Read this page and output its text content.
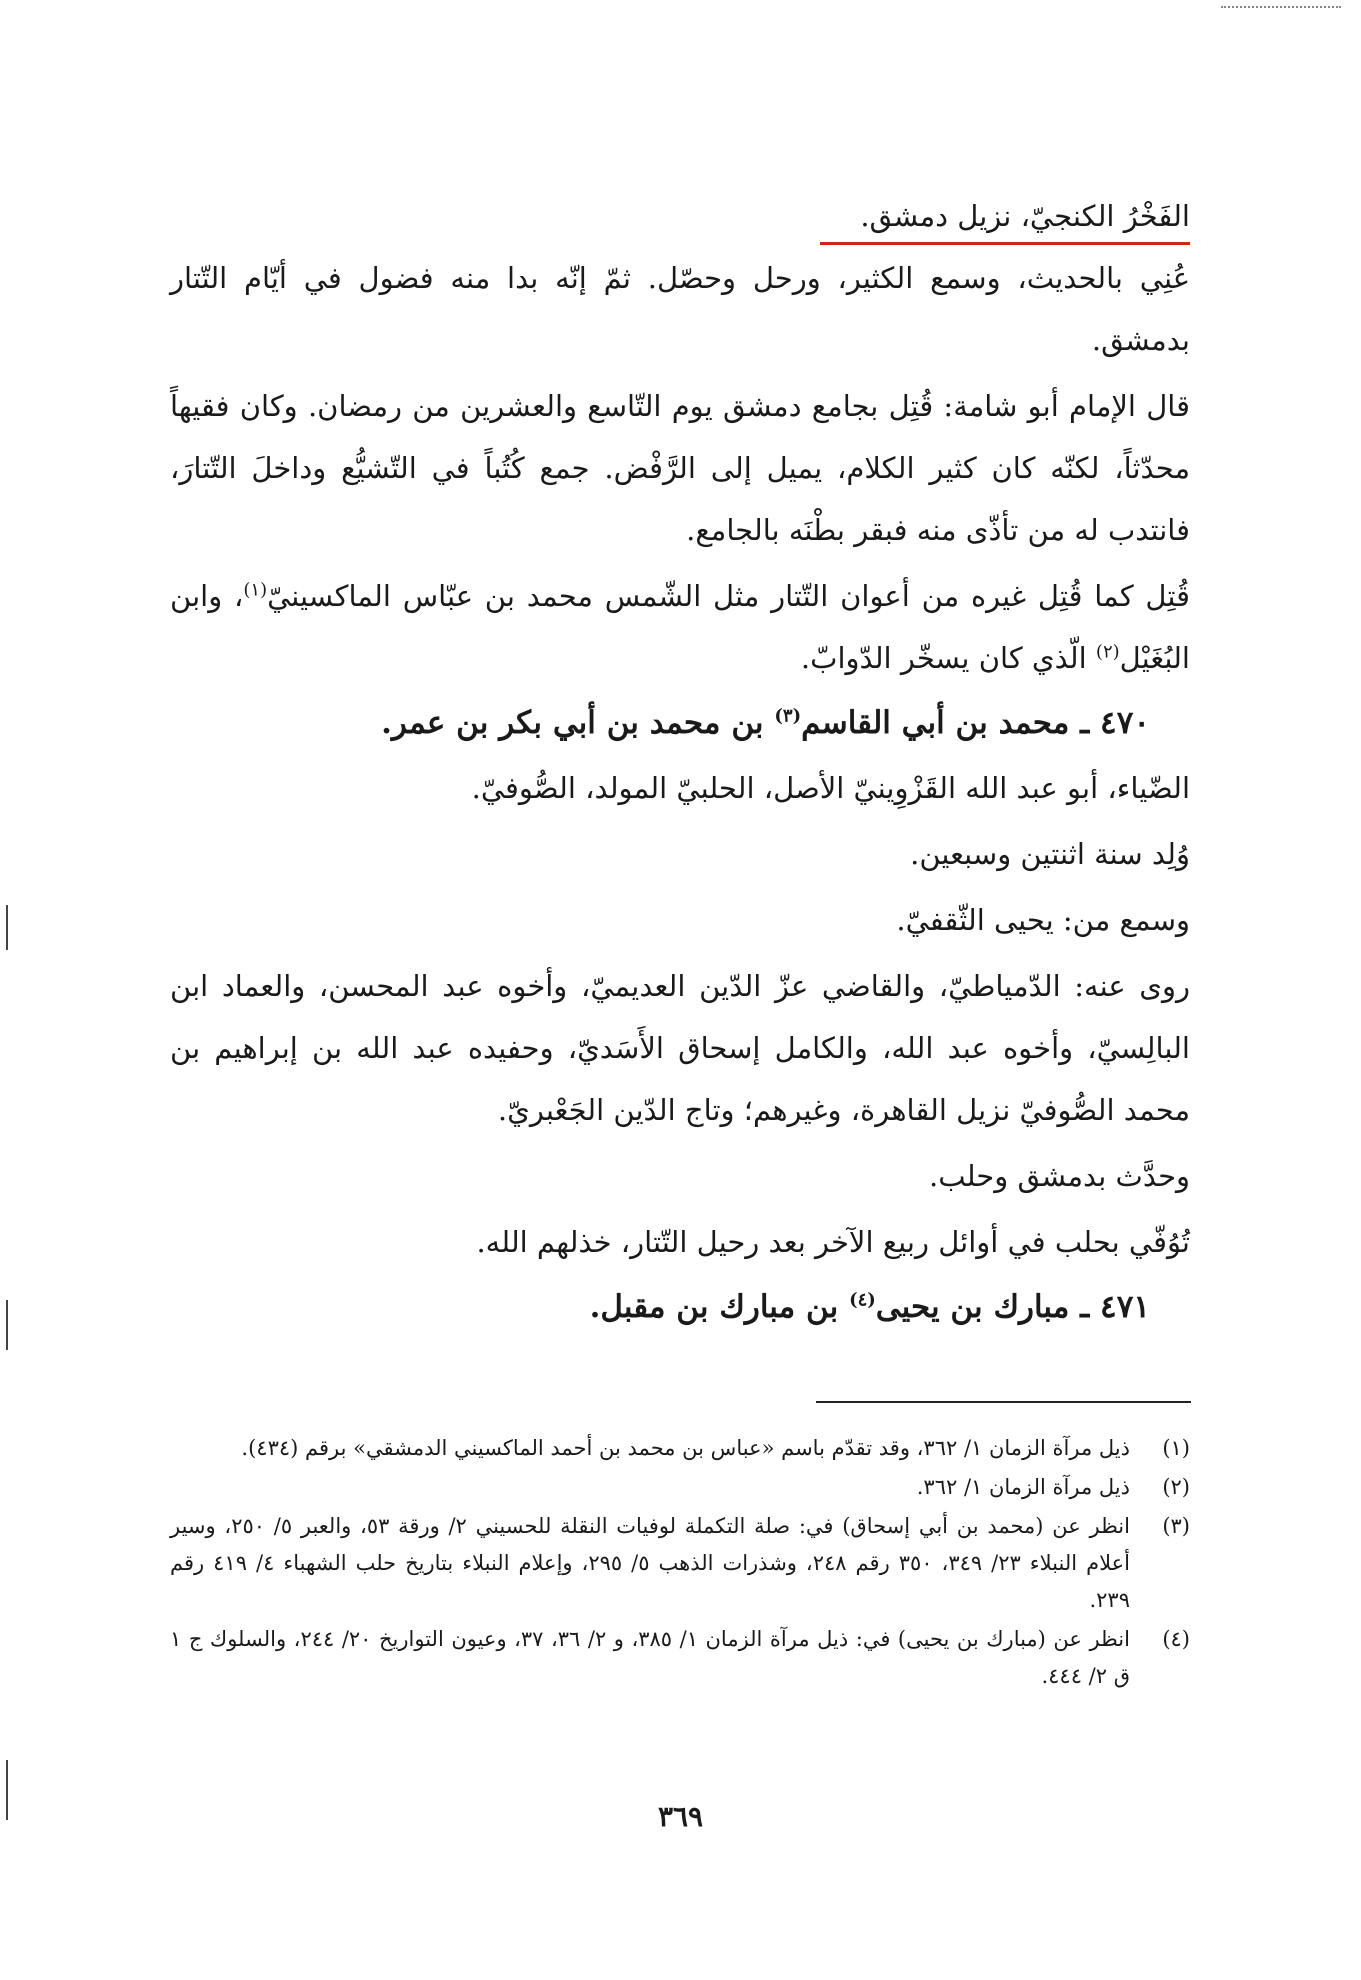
الفَخْرُ الكنجيّ، نزيل دمشق.

عُنِي بالحديث، وسمع الكثير، ورحل وحصّل. ثمّ إنّه بدا منه فضول في أيّام التّتار بدمشق.

قال الإمام أبو شامة: قُتِل بجامع دمشق يوم التّاسع والعشرين من رمضان. وكان فقيهاً محدّثاً، لكنّه كان كثير الكلام، يميل إلى الرَّفْض. جمع كُتُباً في التّشيُّع وداخلَ التّتارَ، فانتدب له من تأذّى منه فبقر بطْنَه بالجامع.

قُتِل كما قُتِل غيره من أعوان التّتار مثل الشّمس محمد بن عبّاس الماكسينيّ$^{(١)}$، وابن البُغَيْل$^{(٢)}$ الّذي كان يسخّر الدّوابّ.

٤٧٠ ـ محمد بن أبي القاسم$^{(٣)}$ بن محمد بن أبي بكر بن عمر.

الضّياء، أبو عبد الله القَزْوِينيّ الأصل، الحلبيّ المولد، الصُّوفيّ.

وُلِد سنة اثنتين وسبعين.

وسمع من: يحيى الثّقفيّ.

روى عنه: الدّمياطيّ، والقاضي عزّ الدّين العديميّ، وأخوه عبد المحسن، والعماد ابن البالِسيّ، وأخوه عبد الله، والكامل إسحاق الأَسَديّ، وحفيده عبد الله بن إبراهيم بن محمد الصُّوفيّ نزيل القاهرة، وغيرهم؛ وتاج الدّين الجَعْبريّ.

وحدَّث بدمشق وحلب.

تُوُفّي بحلب في أوائل ربيع الآخر بعد رحيل التّتار، خذلهم الله.

٤٧١ ـ مبارك بن يحيى$^{(٤)}$ بن مبارك بن مقبل.

(١)
ذيل مرآة الزمان ١/ ٣٦٢، وقد تقدّم باسم «عباس بن محمد بن أحمد الماكسيني الدمشقي» برقم (٤٣٤).
(٢)
ذيل مرآة الزمان ١/ ٣٦٢.
(٣)
انظر عن (محمد بن أبي إسحاق) في: صلة التكملة لوفيات النقلة للحسيني ٢/ ورقة ٥٣، والعبر ٥/ ٢٥٠، وسير أعلام النبلاء ٢٣/ ٣٤٩، ٣٥٠ رقم ٢٤٨، وشذرات الذهب ٥/ ٢٩٥، وإعلام النبلاء بتاريخ حلب الشهباء ٤/ ٤١٩ رقم ٢٣٩.
(٤)
انظر عن (مبارك بن يحيى) في: ذيل مرآة الزمان ١/ ٣٨٥، و ٢/ ٣٦، ٣٧، وعيون التواريخ ٢٠/ ٢٤٤، والسلوك ج ١ ق ٢/ ٤٤٤.
٣٦٩
